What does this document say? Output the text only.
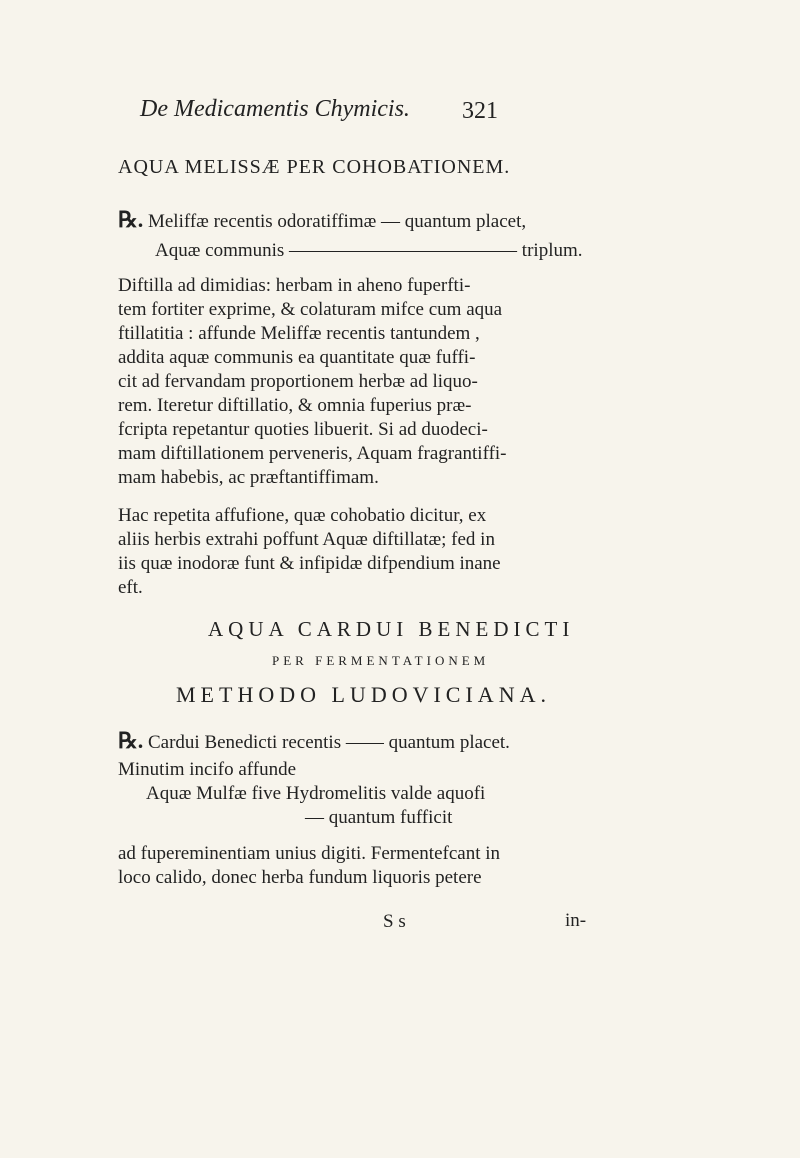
De Medicamentis Chymicis. 321
AQUA MELISSÆ PER COHOBATIONEM.
℞. Meliffæ recentis odoratiffimæ — quantum placet,
Aquæ communis ———————————— triplum.
Diftilla ad dimidias: herbam in aheno fuperfti-
tem fortiter exprime, & colaturam mifce cum aqua
ftillatitia : affunde Meliffæ recentis tantundem ,
addita aquæ communis ea quantitate quæ fuffi-
cit ad fervandam proportionem herbæ ad liquo-
rem. Iteretur diftillatio, & omnia fuperius præ-
fcripta repetantur quoties libuerit. Si ad duodeci-
mam diftillationem perveneris, Aquam fragrantiffi-
mam habebis, ac præftantiffimam.
Hac repetita affufione, quæ cohobatio dicitur, ex
aliis herbis extrahi poffunt Aquæ diftillatæ; fed in
iis quæ inodoræ funt & infipidæ difpendium inane
eft.
AQUA CARDUI BENEDICTI
PER FERMENTATIONEM
METHODO LUDOVICIANA.
℞. Cardui Benedicti recentis —— quantum placet.
Minutim incifo affunde
Aquæ Mulfæ five Hydromelitis valde aquofi
— quantum fufficit
ad fupereminentiam unius digiti. Fermentefcant in
loco calido, donec herba fundum liquoris petere
S s	in-
